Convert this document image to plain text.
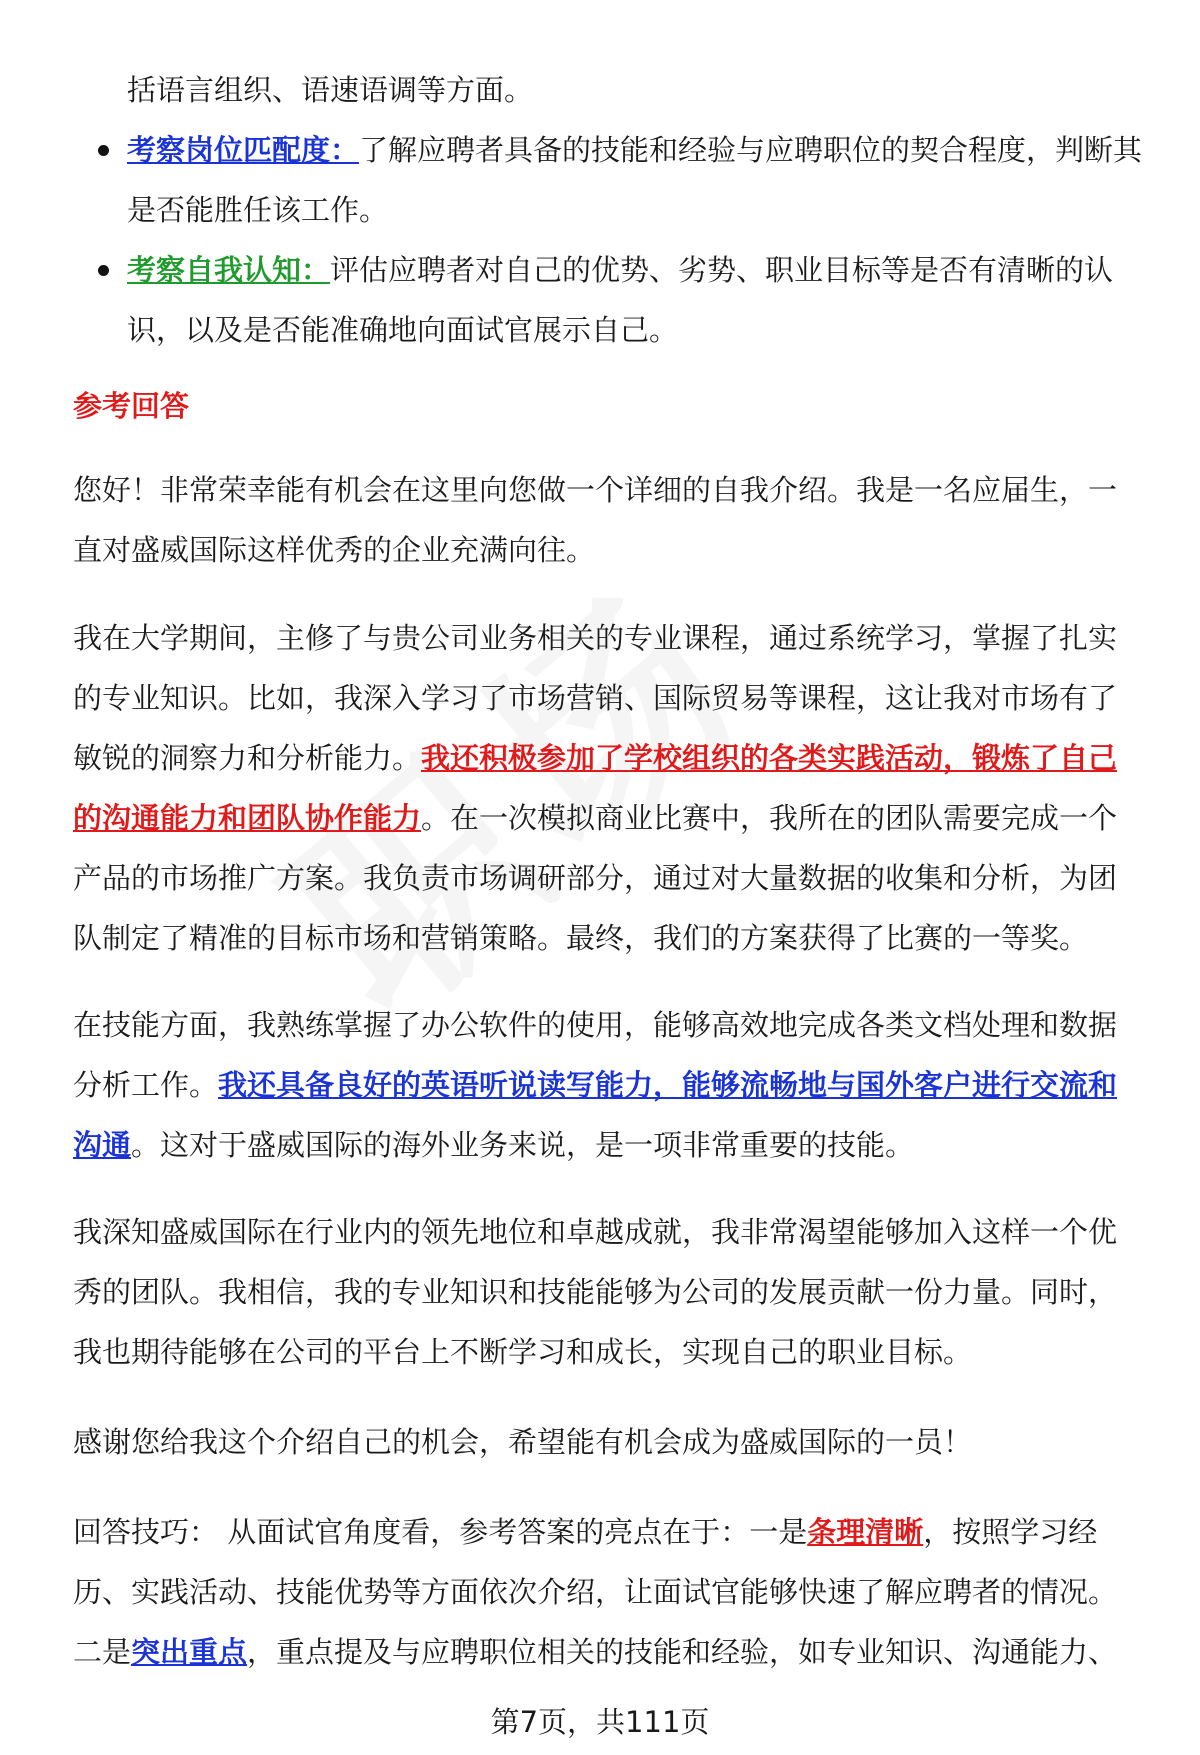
括语言组织、语速语调等方面。

考察岗位匹配度：了解应聘者具备的技能和经验与应聘职位的契合程度，判断其是否能胜任该工作。

考察自我认知：评估应聘者对自己的优势、劣势、职业目标等是否有清晰的认识，以及是否能准确地向面试官展示自己。

参考回答

您好！非常荣幸能有机会在这里向您做一个详细的自我介绍。我是一名应届生，一直对盛威国际这样优秀的企业充满向往。

我在大学期间，主修了与贵公司业务相关的专业课程，通过系统学习，掌握了扎实的专业知识。比如，我深入学习了市场营销、国际贸易等课程，这让我对市场有了敏锐的洞察力和分析能力。我还积极参加了学校组织的各类实践活动，锻炼了自己的沟通能力和团队协作能力。在一次模拟商业比赛中，我所在的团队需要完成一个产品的市场推广方案。我负责市场调研部分，通过对大量数据的收集和分析，为团队制定了精准的目标市场和营销策略。最终，我们的方案获得了比赛的一等奖。

在技能方面，我熟练掌握了办公软件的使用，能够高效地完成各类文档处理和数据分析工作。我还具备良好的英语听说读写能力，能够流畅地与国外客户进行交流和沟通。这对于盛威国际的海外业务来说，是一项非常重要的技能。

我深知盛威国际在行业内的领先地位和卓越成就，我非常渴望能够加入这样一个优秀的团队。我相信，我的专业知识和技能能够为公司的发展贡献一份力量。同时，我也期待能够在公司的平台上不断学习和成长，实现自己的职业目标。

感谢您给我这个介绍自己的机会，希望能有机会成为盛威国际的一员！

回答技巧： 从面试官角度看，参考答案的亮点在于：一是条理清晰，按照学习经历、实践活动、技能优势等方面依次介绍，让面试官能够快速了解应聘者的情况。二是突出重点，重点提及与应聘职位相关的技能和经验，如专业知识、沟通能力、

第7页，共111页
